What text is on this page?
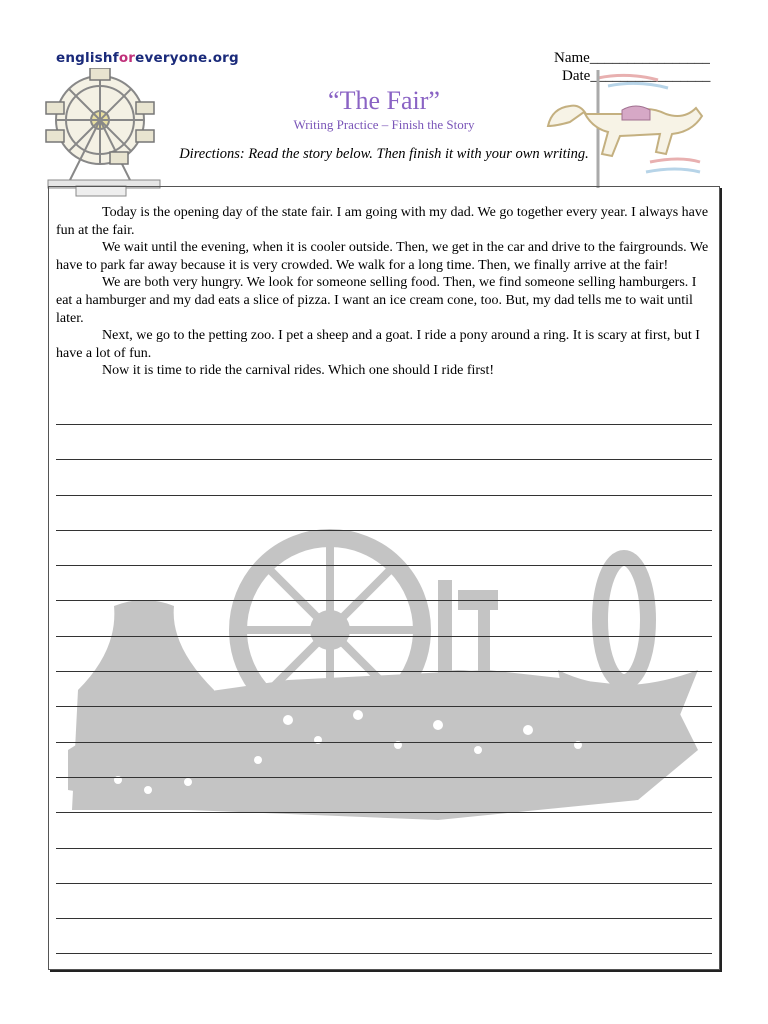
englishforeveryone.org	Name________________
Date________________
“The Fair”
Writing Practice – Finish the Story
Directions: Read the story below. Then finish it with your own writing.

Today is the opening day of the state fair. I am going with my dad. We go together every year. I always have fun at the fair.

We wait until the evening, when it is cooler outside. Then, we get in the car and drive to the fairgrounds. We have to park far away because it is very crowded. We walk for a long time. Then, we finally arrive at the fair!

We are both very hungry. We look for someone selling food. Then, we find someone selling hamburgers. I eat a hamburger and my dad eats a slice of pizza. I want an ice cream cone, too. But, my dad tells me to wait until later.

Next, we go to the petting zoo. I pet a sheep and a goat. I ride a pony around a ring. It is scary at first, but I have a lot of fun.

Now it is time to ride the carnival rides. Which one should I ride first!
